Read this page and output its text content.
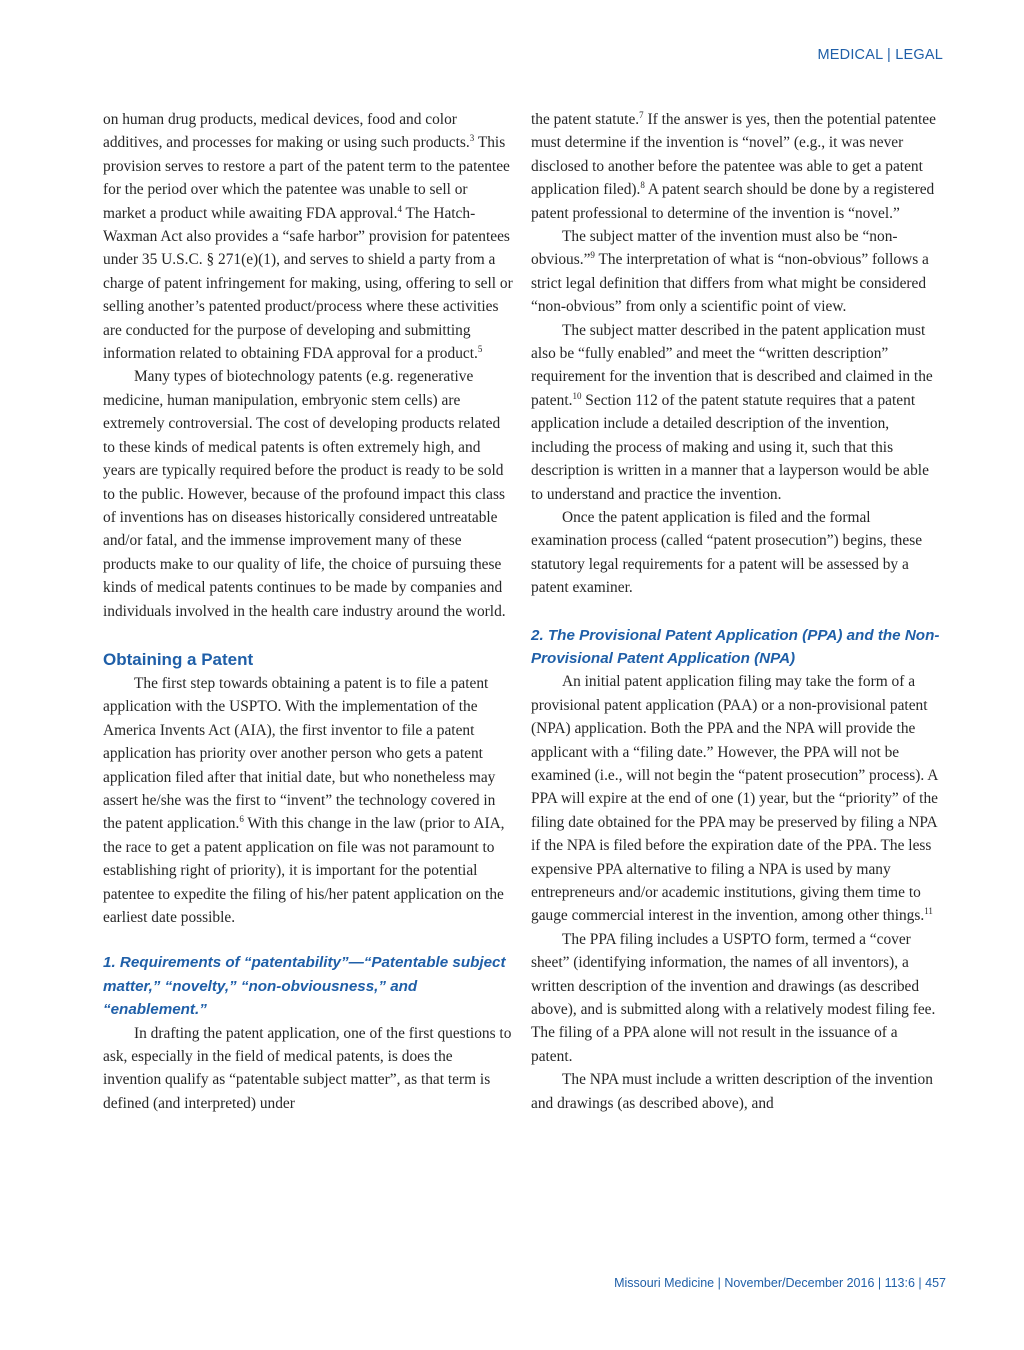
MEDICAL | LEGAL

on human drug products, medical devices, food and color additives, and processes for making or using such products.$^3$ This provision serves to restore a part of the patent term to the patentee for the period over which the patentee was unable to sell or market a product while awaiting FDA approval.$^4$ The Hatch-Waxman Act also provides a “safe harbor” provision for patentees under 35 U.S.C. § 271(e)(1), and serves to shield a party from a charge of patent infringement for making, using, offering to sell or selling another’s patented product/process where these activities are conducted for the purpose of developing and submitting information related to obtaining FDA approval for a product.$^5$

Many types of biotechnology patents (e.g. regenerative medicine, human manipulation, embryonic stem cells) are extremely controversial. The cost of developing products related to these kinds of medical patents is often extremely high, and years are typically required before the product is ready to be sold to the public. However, because of the profound impact this class of inventions has on diseases historically considered untreatable and/or fatal, and the immense improvement many of these products make to our quality of life, the choice of pursuing these kinds of medical patents continues to be made by companies and individuals involved in the health care industry around the world.

Obtaining a Patent

The first step towards obtaining a patent is to file a patent application with the USPTO. With the implementation of the America Invents Act (AIA), the first inventor to file a patent application has priority over another person who gets a patent application filed after that initial date, but who nonetheless may assert he/she was the first to “invent” the technology covered in the patent application.$^6$ With this change in the law (prior to AIA, the race to get a patent application on file was not paramount to establishing right of priority), it is important for the potential patentee to expedite the filing of his/her patent application on the earliest date possible.

1. Requirements of “patentability”—“Patentable subject matter,” “novelty,” “non-obviousness,” and “enablement.”

In drafting the patent application, one of the first questions to ask, especially in the field of medical patents, is does the invention qualify as “patentable subject matter”, as that term is defined (and interpreted) under

the patent statute.$^7$ If the answer is yes, then the potential patentee must determine if the invention is “novel” (e.g., it was never disclosed to another before the patentee was able to get a patent application filed).$^8$ A patent search should be done by a registered patent professional to determine of the invention is “novel.”

The subject matter of the invention must also be “non-obvious.”$^9$ The interpretation of what is “non-obvious” follows a strict legal definition that differs from what might be considered “non-obvious” from only a scientific point of view.

The subject matter described in the patent application must also be “fully enabled” and meet the “written description” requirement for the invention that is described and claimed in the patent.$^{10}$ Section 112 of the patent statute requires that a patent application include a detailed description of the invention, including the process of making and using it, such that this description is written in a manner that a layperson would be able to understand and practice the invention.

Once the patent application is filed and the formal examination process (called “patent prosecution”) begins, these statutory legal requirements for a patent will be assessed by a patent examiner.

2. The Provisional Patent Application (PPA) and the Non-Provisional Patent Application (NPA)

An initial patent application filing may take the form of a provisional patent application (PAA) or a non-provisional patent (NPA) application. Both the PPA and the NPA will provide the applicant with a “filing date.” However, the PPA will not be examined (i.e., will not begin the “patent prosecution” process). A PPA will expire at the end of one (1) year, but the “priority” of the filing date obtained for the PPA may be preserved by filing a NPA if the NPA is filed before the expiration date of the PPA. The less expensive PPA alternative to filing a NPA is used by many entrepreneurs and/or academic institutions, giving them time to gauge commercial interest in the invention, among other things.$^{11}$

The PPA filing includes a USPTO form, termed a “cover sheet” (identifying information, the names of all inventors), a written description of the invention and drawings (as described above), and is submitted along with a relatively modest filing fee. The filing of a PPA alone will not result in the issuance of a patent.

The NPA must include a written description of the invention and drawings (as described above), and

Missouri Medicine | November/December 2016 | 113:6 | 457
